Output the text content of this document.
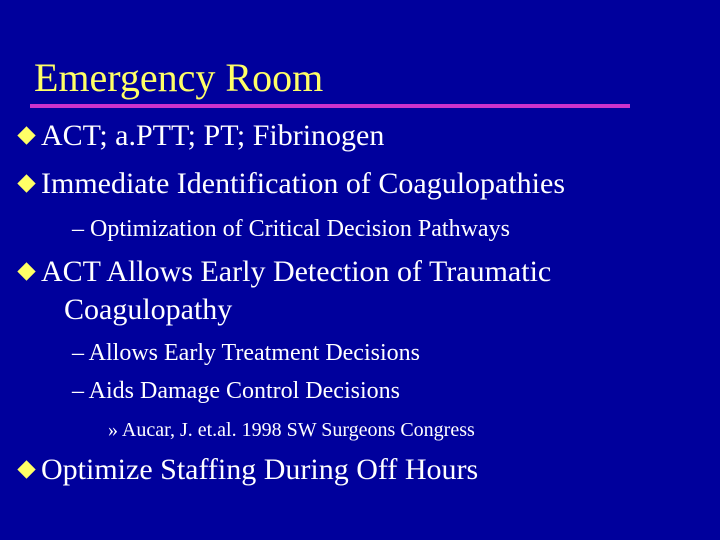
Emergency Room
ACT; a.PTT; PT; Fibrinogen
Immediate Identification of Coagulopathies
– Optimization of Critical Decision Pathways
ACT Allows Early Detection of Traumatic
Coagulopathy
– Allows Early Treatment Decisions
– Aids Damage Control Decisions
» Aucar, J. et.al. 1998 SW Surgeons Congress
Optimize Staffing During Off Hours
